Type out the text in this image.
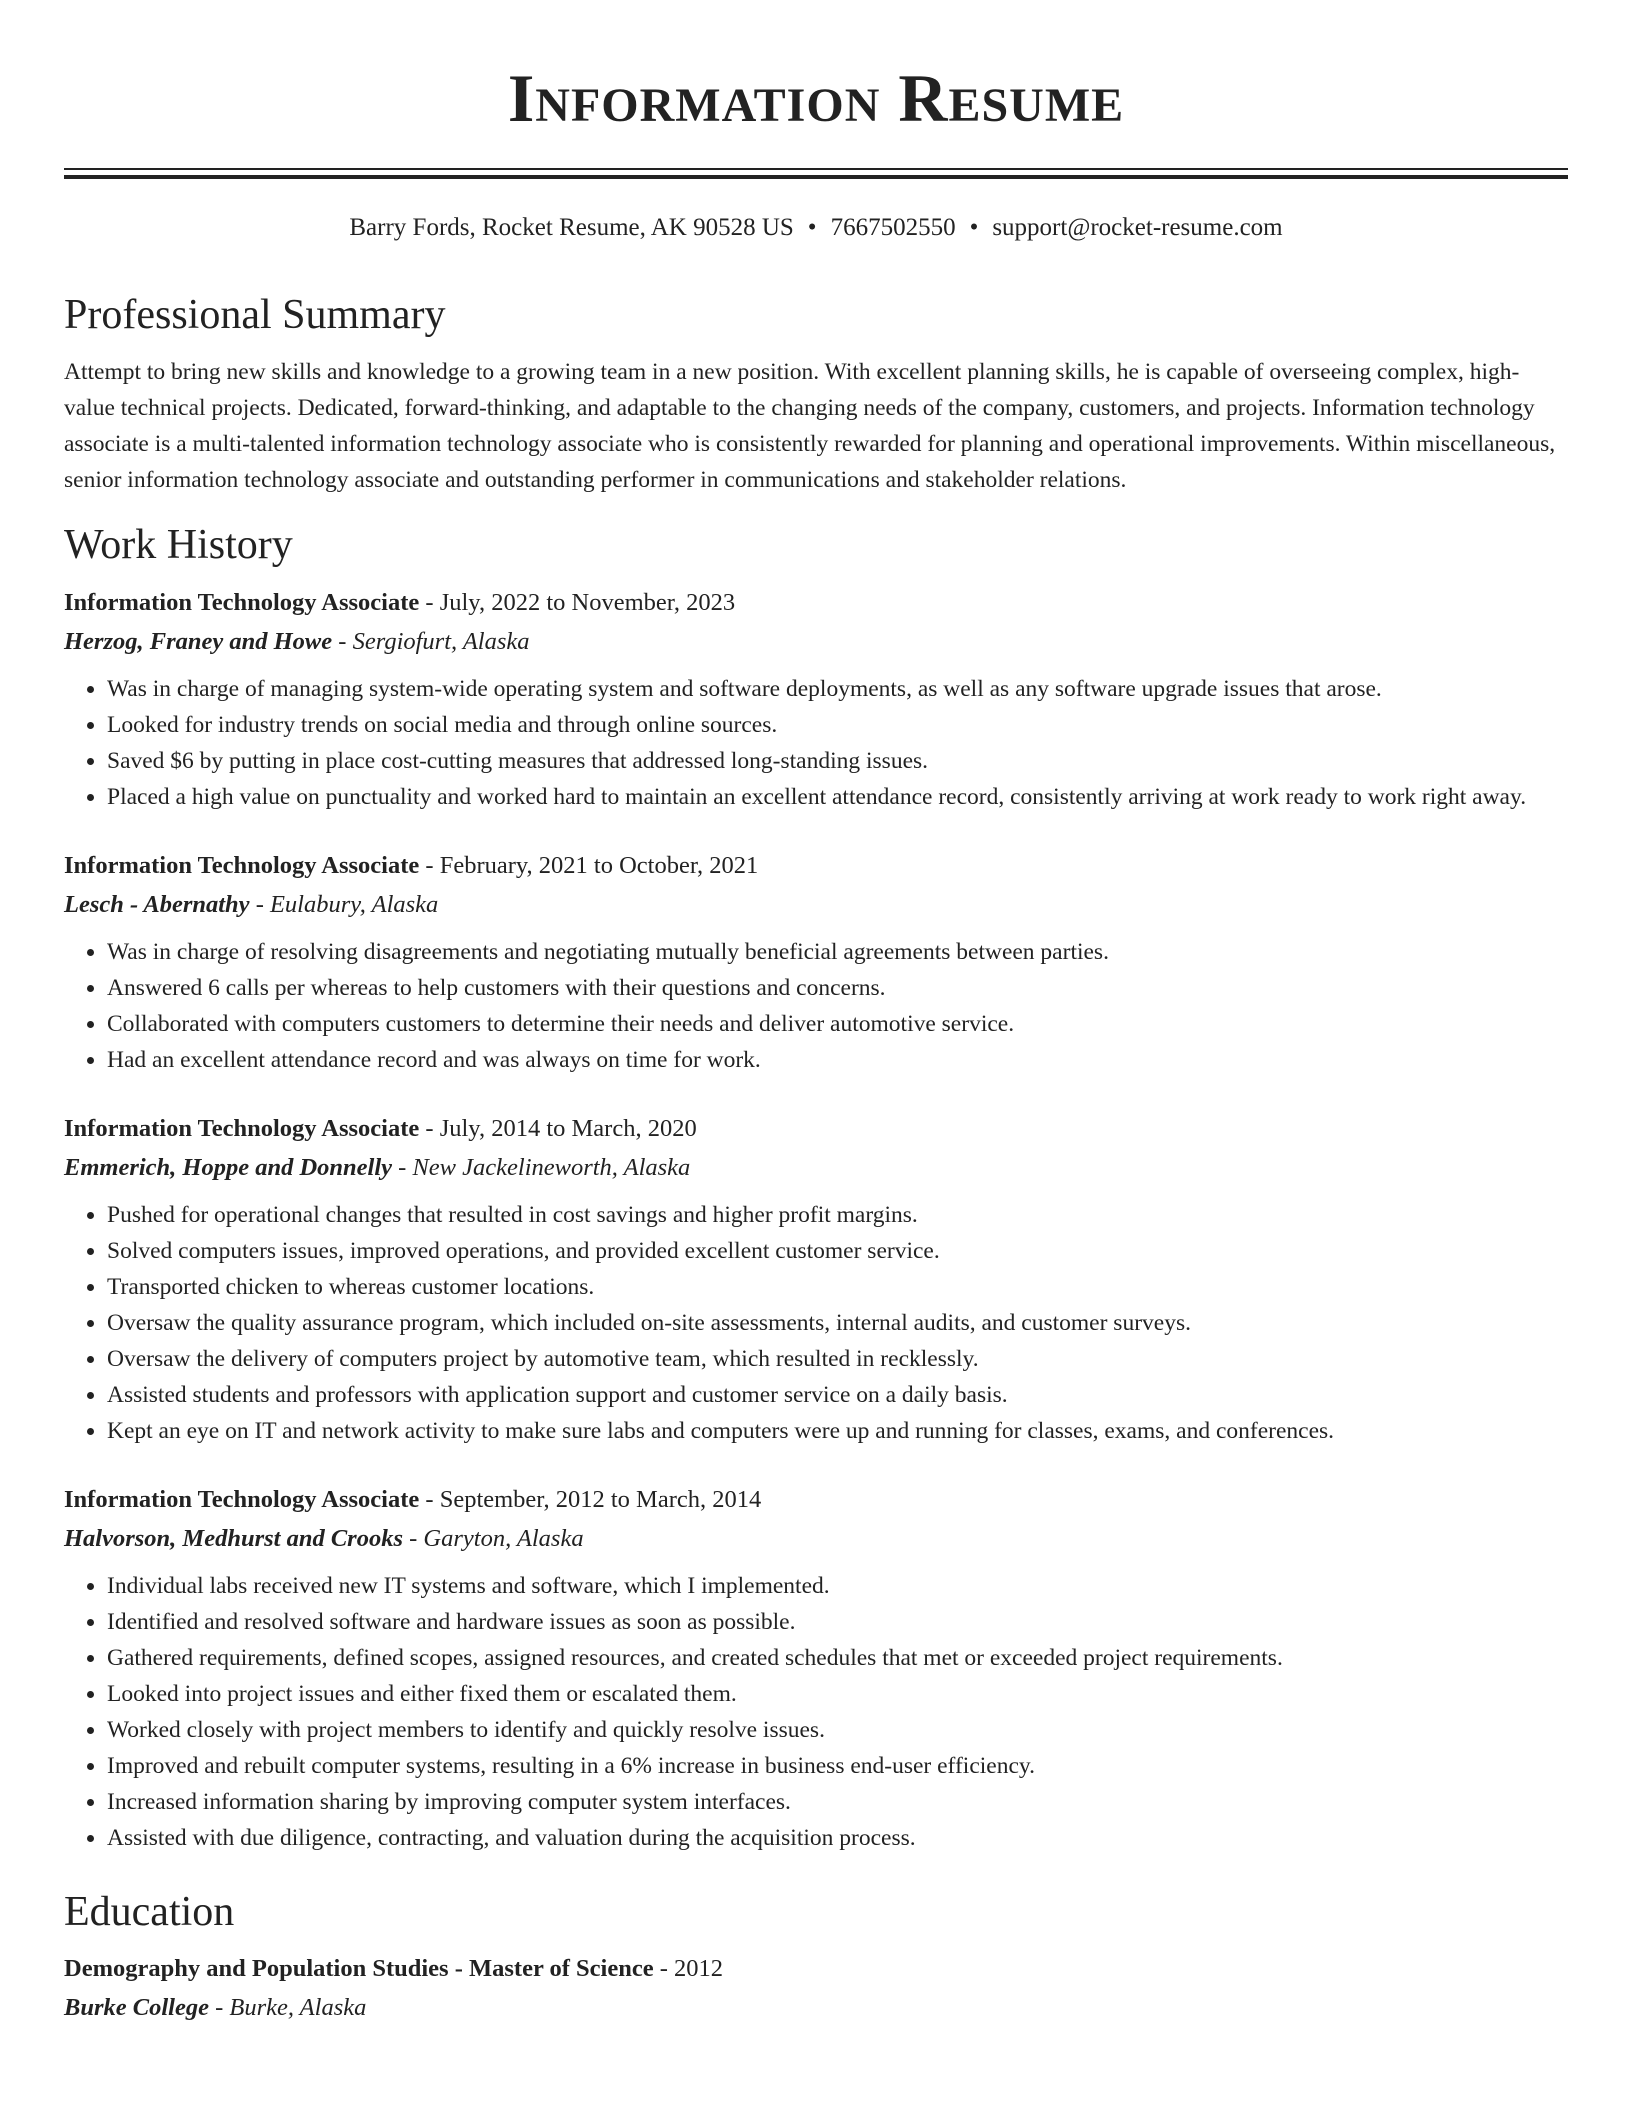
Information Resume
Barry Fords, Rocket Resume, AK 90528 US • 7667502550 • support@rocket-resume.com
Professional Summary

Attempt to bring new skills and knowledge to a growing team in a new position. With excellent planning skills, he is capable of overseeing complex, high-value technical projects. Dedicated, forward-thinking, and adaptable to the changing needs of the company, customers, and projects. Information technology associate is a multi-talented information technology associate who is consistently rewarded for planning and operational improvements. Within miscellaneous, senior information technology associate and outstanding performer in communications and stakeholder relations.

Work History
Information Technology Associate - July, 2022 to November, 2023
Herzog, Franey and Howe - Sergiofurt, Alaska
• Was in charge of managing system-wide operating system and software deployments, as well as any software upgrade issues that arose.
• Looked for industry trends on social media and through online sources.
• Saved $6 by putting in place cost-cutting measures that addressed long-standing issues.
• Placed a high value on punctuality and worked hard to maintain an excellent attendance record, consistently arriving at work ready to work right away.
Information Technology Associate - February, 2021 to October, 2021
Lesch - Abernathy - Eulabury, Alaska
• Was in charge of resolving disagreements and negotiating mutually beneficial agreements between parties.
• Answered 6 calls per whereas to help customers with their questions and concerns.
• Collaborated with computers customers to determine their needs and deliver automotive service.
• Had an excellent attendance record and was always on time for work.
Information Technology Associate - July, 2014 to March, 2020
Emmerich, Hoppe and Donnelly - New Jackelineworth, Alaska
• Pushed for operational changes that resulted in cost savings and higher profit margins.
• Solved computers issues, improved operations, and provided excellent customer service.
• Transported chicken to whereas customer locations.
• Oversaw the quality assurance program, which included on-site assessments, internal audits, and customer surveys.
• Oversaw the delivery of computers project by automotive team, which resulted in recklessly.
• Assisted students and professors with application support and customer service on a daily basis.
• Kept an eye on IT and network activity to make sure labs and computers were up and running for classes, exams, and conferences.
Information Technology Associate - September, 2012 to March, 2014
Halvorson, Medhurst and Crooks - Garyton, Alaska
• Individual labs received new IT systems and software, which I implemented.
• Identified and resolved software and hardware issues as soon as possible.
• Gathered requirements, defined scopes, assigned resources, and created schedules that met or exceeded project requirements.
• Looked into project issues and either fixed them or escalated them.
• Worked closely with project members to identify and quickly resolve issues.
• Improved and rebuilt computer systems, resulting in a 6% increase in business end-user efficiency.
• Increased information sharing by improving computer system interfaces.
• Assisted with due diligence, contracting, and valuation during the acquisition process.
Education
Demography and Population Studies - Master of Science - 2012
Burke College - Burke, Alaska
